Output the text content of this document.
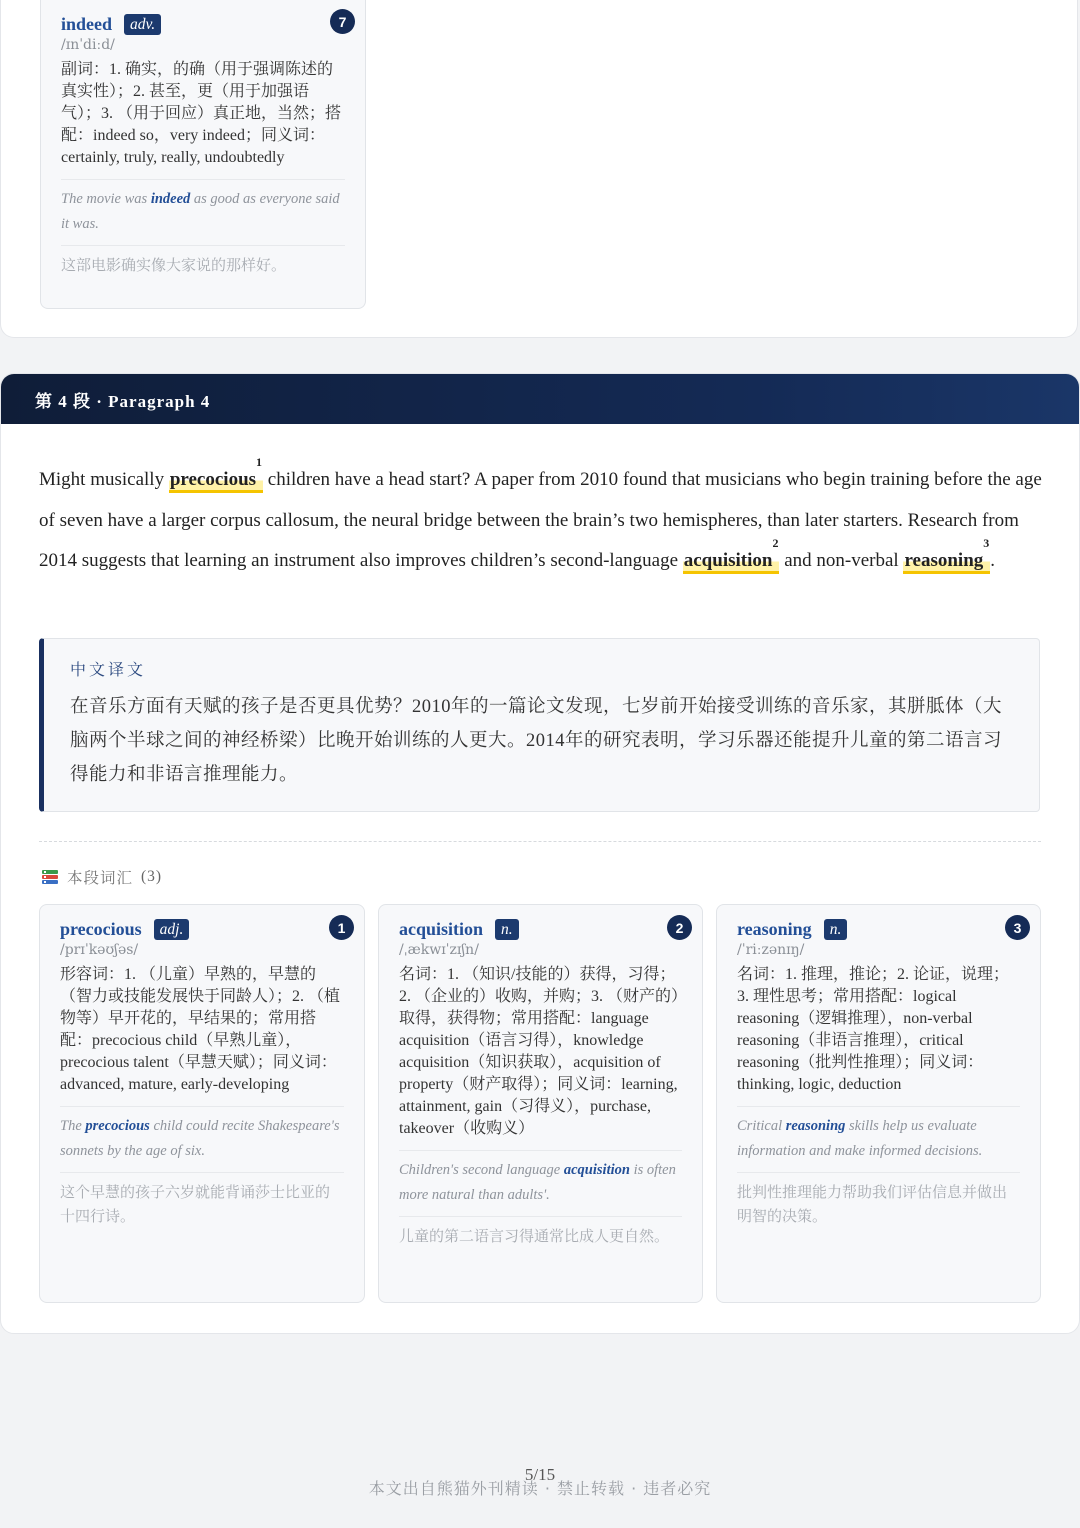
7
indeed	adv.
/ɪnˈdiːd/
副词：1. 确实，的确（用于强调陈述的真实性）；2. 甚至，更（用于加强语气）；3. （用于回应）真正地，当然；搭配：indeed so，very indeed；同义词：certainly, truly, really, undoubtedly
The movie was indeed as good as everyone said it was.
这部电影确实像大家说的那样好。
第 4 段 · Paragraph 4
Might musically precocious$^1$ children have a head start? A paper from 2010 found that musicians who begin training before the age of seven have a larger corpus callosum, the neural bridge between the brain’s two hemispheres, than later starters. Research from 2014 suggests that learning an instrument also improves children’s second-language acquisition$^2$ and non-verbal reasoning$^3$.
中文译文
在音乐方面有天赋的孩子是否更具优势？2010年的一篇论文发现，七岁前开始接受训练的音乐家，其胼胝体（大脑两个半球之间的神经桥梁）比晚开始训练的人更大。2014年的研究表明，学习乐器还能提升儿童的第二语言习得能力和非语言推理能力。
本段词汇 (3)
1
precocious	adj.
/prɪˈkəʊʃəs/
形容词：1. （儿童）早熟的，早慧的（智力或技能发展快于同龄人）；2. （植物等）早开花的，早结果的；常用搭配：precocious child（早熟儿童），precocious talent（早慧天赋）；同义词：advanced, mature, early-developing
The precocious child could recite Shakespeare's sonnets by the age of six.
这个早慧的孩子六岁就能背诵莎士比亚的十四行诗。
2
acquisition	n.
/ˌækwɪˈzɪʃn/
名词：1. （知识/技能的）获得，习得；2. （企业的）收购，并购；3. （财产的）取得，获得物；常用搭配：language acquisition（语言习得），knowledge acquisition（知识获取），acquisition of property（财产取得）；同义词：learning, attainment, gain（习得义），purchase, takeover（收购义）
Children's second language acquisition is often more natural than adults'.
儿童的第二语言习得通常比成人更自然。
3
reasoning	n.
/ˈriːzənɪŋ/
名词：1. 推理，推论；2. 论证，说理；3. 理性思考；常用搭配：logical reasoning（逻辑推理），non-verbal reasoning（非语言推理），critical reasoning（批判性推理）；同义词：thinking, logic, deduction
Critical reasoning skills help us evaluate information and make informed decisions.
批判性推理能力帮助我们评估信息并做出明智的决策。
5/15
本文出自熊猫外刊精读 · 禁止转载 · 违者必究
